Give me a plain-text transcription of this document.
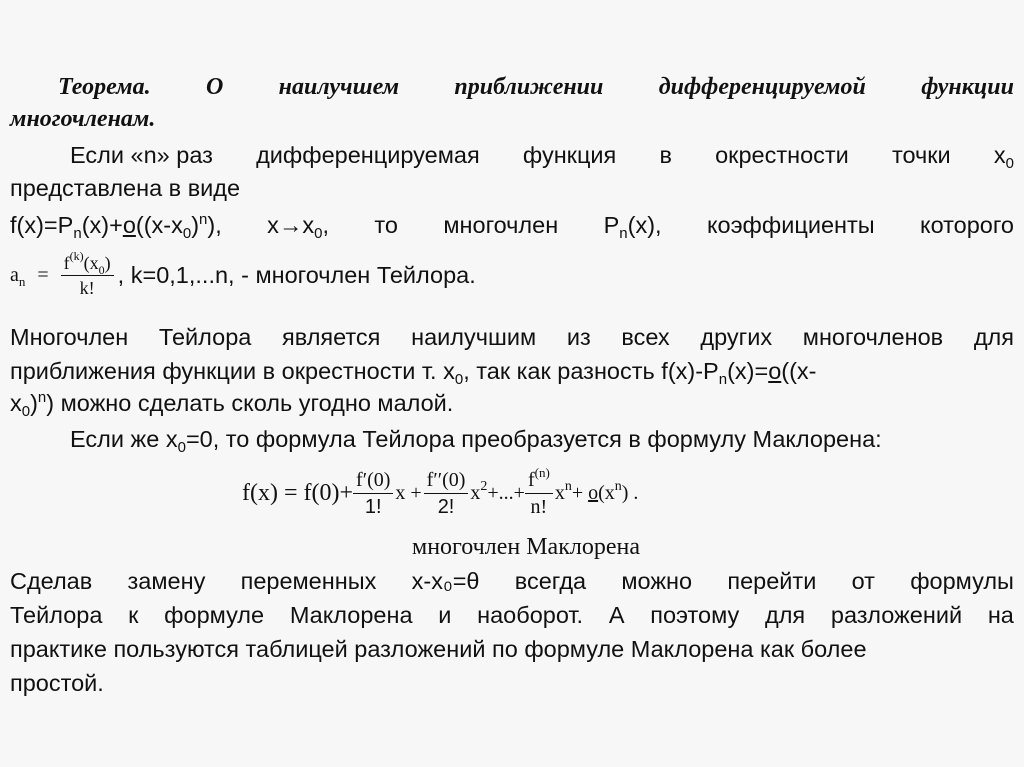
Теорема. О наилучшем приближении дифференцируемой функции
многочленам.
Если «n» раз дифференцируемая функция в окрестности точки $x_0$
представлена в виде
$f(x)=P_n(x)+o((x-x_0)^n)$, $x\to x_0$, то многочлен $P_n(x)$, коэффициенты которого
$a_n = \frac{f^{(k)}(x_0)}{k!}$ , k=0,1,...n, - многочлен Тейлора.
Многочлен Тейлора является наилучшим из всех других многочленов для
приближения функции в окрестности т. $x_0$, так как разность $f(x)-P_n(x)=o((x-$
$x_0)^n$) можно сделать сколь угодно малой.
Если же $x_0=0$, то формула Тейлора преобразуется в формулу Маклорена:
$f(x) = f(0)+ \frac{f'(0)}{1!}$ $x + \frac{f''(0)}{2!} x^2$ +...+ $\frac{f^{(n)}}{n!} x^n + o(x^n)$ .
многочлен Маклорена
Сделав замену переменных x-x₀=θ всегда можно перейти от формулы
Тейлора к формуле Маклорена и наоборот. А поэтому для разложений на
практике пользуются таблицей разложений по формуле Маклорена как более
простой.
